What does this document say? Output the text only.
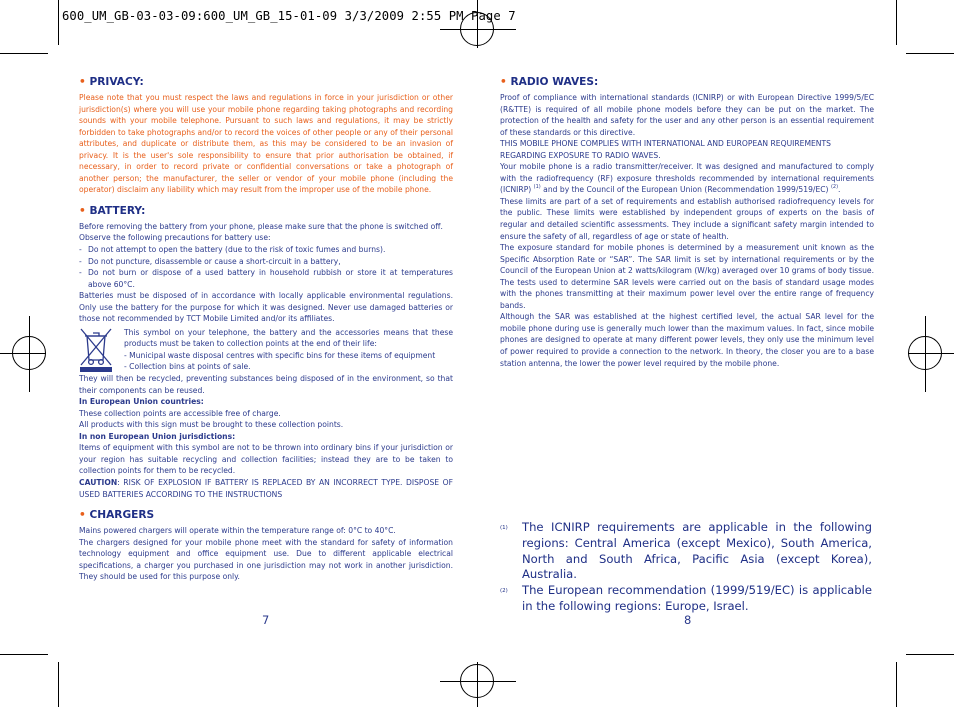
600_UM_GB-03-03-09:600_UM_GB_15-01-09 3/3/2009 2:55 PM Page 7
• PRIVACY:

Please note that you must respect the laws and regulations in force in your jurisdiction or other jurisdiction(s) where you will use your mobile phone regarding taking photographs and recording sounds with your mobile telephone. Pursuant to such laws and regulations, it may be strictly forbidden to take photographs and/or to record the voices of other people or any of their personal attributes, and duplicate or distribute them, as this may be considered to be an invasion of privacy. It is the user's sole responsibility to ensure that prior authorisation be obtained, if necessary, in order to record private or confidential conversations or take a photograph of another person; the manufacturer, the seller or vendor of your mobile phone (including the operator) disclaim any liability which may result from the improper use of the mobile phone.

• BATTERY:

Before removing the battery from your phone, please make sure that the phone is switched off.

Observe the following precautions for battery use:

- Do not attempt to open the battery (due to the risk of toxic fumes and burns).
- Do not puncture, disassemble or cause a short-circuit in a battery,
- Do not burn or dispose of a used battery in household rubbish or store it at temperatures above 60°C.

Batteries must be disposed of in accordance with locally applicable environmental regulations. Only use the battery for the purpose for which it was designed. Never use damaged batteries or those not recommended by TCT Mobile Limited and/or its affiliates.

This symbol on your telephone, the battery and the accessories means that these products must be taken to collection points at the end of their life:

- Municipal waste disposal centres with specific bins for these items of equipment

- Collection bins at points of sale.

They will then be recycled, preventing substances being disposed of in the environment, so that their components can be reused.

In European Union countries:

These collection points are accessible free of charge.

All products with this sign must be brought to these collection points.

In non European Union jurisdictions:

Items of equipment with this symbol are not to be thrown into ordinary bins if your jurisdiction or your region has suitable recycling and collection facilities; instead they are to be taken to collection points for them to be recycled.

CAUTION: RISK OF EXPLOSION IF BATTERY IS REPLACED BY AN INCORRECT TYPE. DISPOSE OF USED BATTERIES ACCORDING TO THE INSTRUCTIONS

• CHARGERS

Mains powered chargers will operate within the temperature range of: 0°C to 40°C.

The chargers designed for your mobile phone meet with the standard for safety of information technology equipment and office equipment use. Due to different applicable electrical specifications, a charger you purchased in one jurisdiction may not work in another jurisdiction. They should be used for this purpose only.

7
• RADIO WAVES:

Proof of compliance with international standards (ICNIRP) or with European Directive 1999/5/EC (R&TTE) is required of all mobile phone models before they can be put on the market. The protection of the health and safety for the user and any other person is an essential requirement of these standards or this directive.

THIS MOBILE PHONE COMPLIES WITH INTERNATIONAL AND EUROPEAN REQUIREMENTS REGARDING EXPOSURE TO RADIO WAVES.

Your mobile phone is a radio transmitter/receiver. It was designed and manufactured to comply with the radiofrequency (RF) exposure thresholds recommended by international requirements (ICNIRP) $^{(1)}$ and by the Council of the European Union (Recommendation 1999/519/EC) $^{(2)}$.

These limits are part of a set of requirements and establish authorised radiofrequency levels for the public. These limits were established by independent groups of experts on the basis of regular and detailed scientific assessments. They include a significant safety margin intended to ensure the safety of all, regardless of age or state of health.

The exposure standard for mobile phones is determined by a measurement unit known as the Specific Absorption Rate or “SAR”. The SAR limit is set by international requirements or by the Council of the European Union at 2 watts/kilogram (W/kg) averaged over 10 grams of body tissue. The tests used to determine SAR levels were carried out on the basis of standard usage modes with the phones transmitting at their maximum power level over the entire range of frequency bands.

Although the SAR was established at the highest certified level, the actual SAR level for the mobile phone during use is generally much lower than the maximum values. In fact, since mobile phones are designed to operate at many different power levels, they only use the minimum level of power required to provide a connection to the network. In theory, the closer you are to a base station antenna, the lower the power level required by the mobile phone.

(1) The ICNIRP requirements are applicable in the following regions: Central America (except Mexico), South America, North and South Africa, Pacific Asia (except Korea), Australia.
(2) The European recommendation (1999/519/EC) is applicable in the following regions: Europe, Israel.
8
